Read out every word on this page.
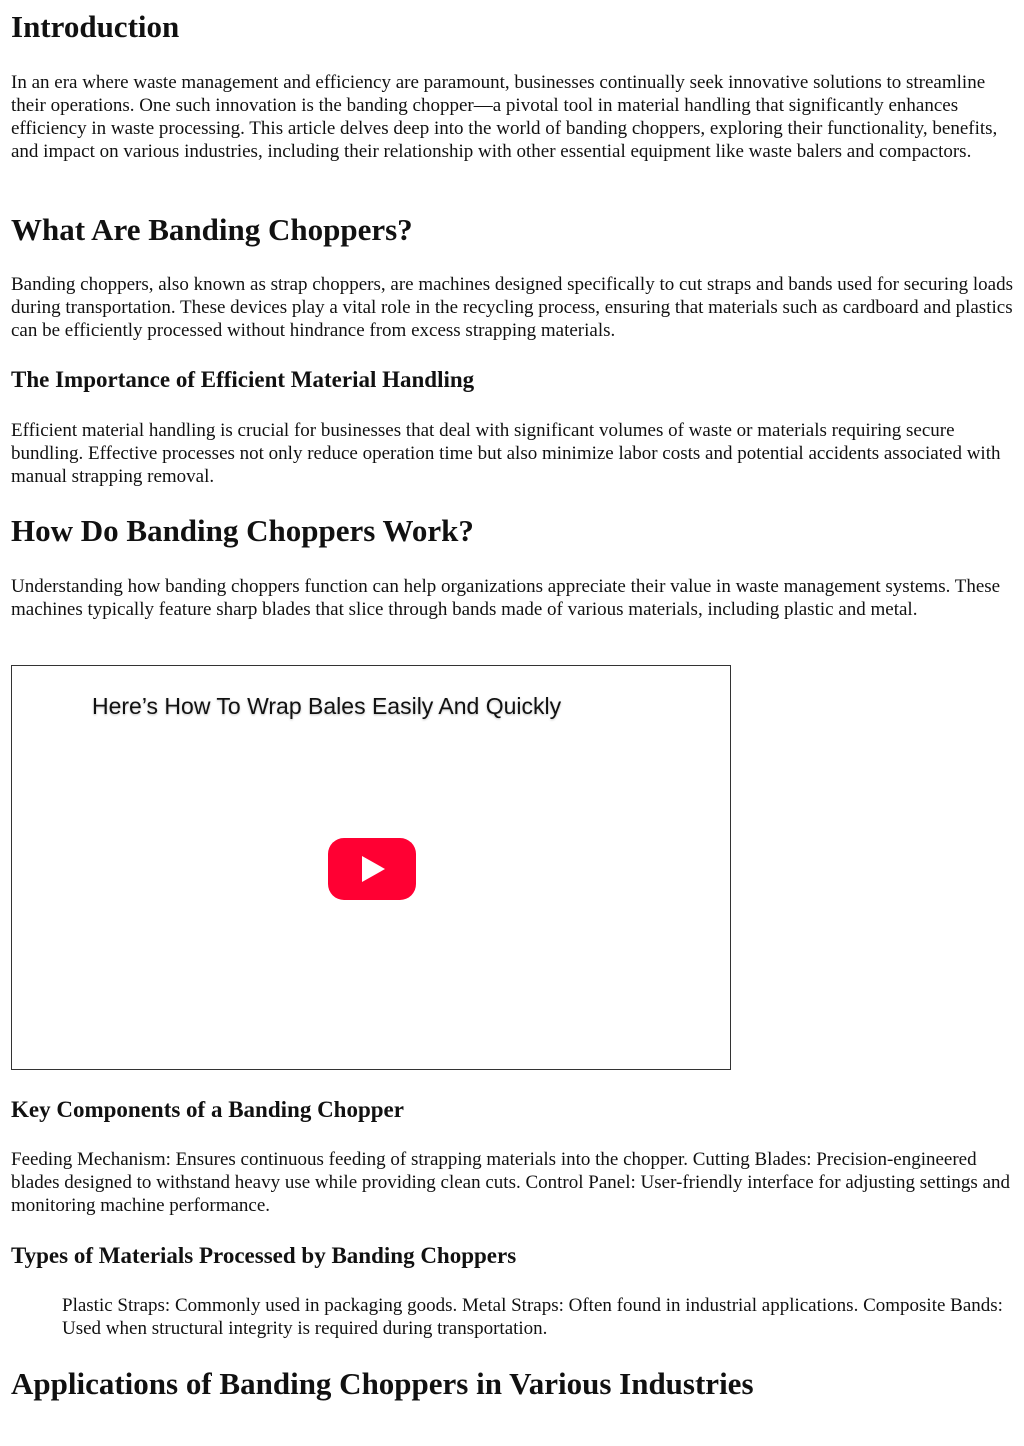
Introduction

In an era where waste management and efficiency are paramount, businesses continually seek innovative solutions to streamline their operations. One such innovation is the banding chopper—a pivotal tool in material handling that significantly enhances efficiency in waste processing. This article delves deep into the world of banding choppers, exploring their functionality, benefits, and impact on various industries, including their relationship with other essential equipment like waste balers and compactors.

What Are Banding Choppers?

Banding choppers, also known as strap choppers, are machines designed specifically to cut straps and bands used for securing loads during transportation. These devices play a vital role in the recycling process, ensuring that materials such as cardboard and plastics can be efficiently processed without hindrance from excess strapping materials.

The Importance of Efficient Material Handling

Efficient material handling is crucial for businesses that deal with significant volumes of waste or materials requiring secure bundling. Effective processes not only reduce operation time but also minimize labor costs and potential accidents associated with manual strapping removal.

How Do Banding Choppers Work?

Understanding how banding choppers function can help organizations appreciate their value in waste management systems. These machines typically feature sharp blades that slice through bands made of various materials, including plastic and metal.

Here’s How To Wrap Bales Easily And Quickly
Key Components of a Banding Chopper

Feeding Mechanism: Ensures continuous feeding of strapping materials into the chopper. Cutting Blades: Precision-engineered blades designed to withstand heavy use while providing clean cuts. Control Panel: User-friendly interface for adjusting settings and monitoring machine performance.

Types of Materials Processed by Banding Choppers

Plastic Straps: Commonly used in packaging goods. Metal Straps: Often found in industrial applications. Composite Bands: Used when structural integrity is required during transportation.

Applications of Banding Choppers in Various Industries
